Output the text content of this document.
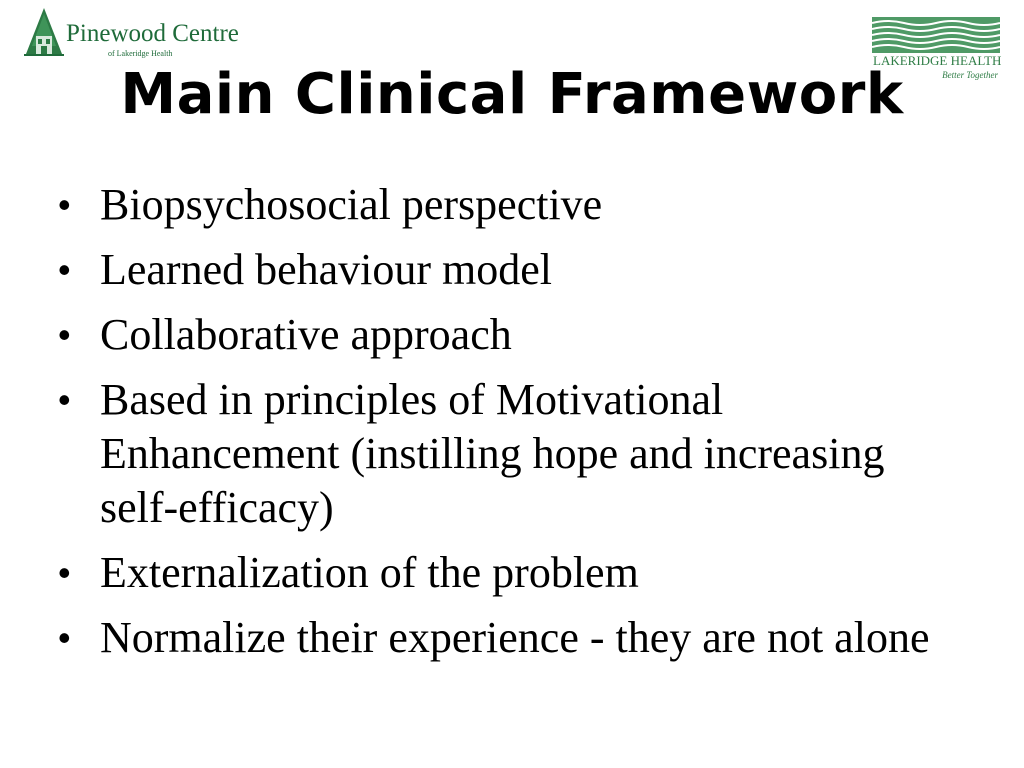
Pinewood Centre
of Lakeridge Health	LAKERIDGE HEALTH
Better Together
Main Clinical Framework
• Biopsychosocial perspective
• Learned behaviour model
• Collaborative approach
• Based in principles of Motivational Enhancement (instilling hope and increasing self-efficacy)
• Externalization of the problem
• Normalize their experience - they are not alone
